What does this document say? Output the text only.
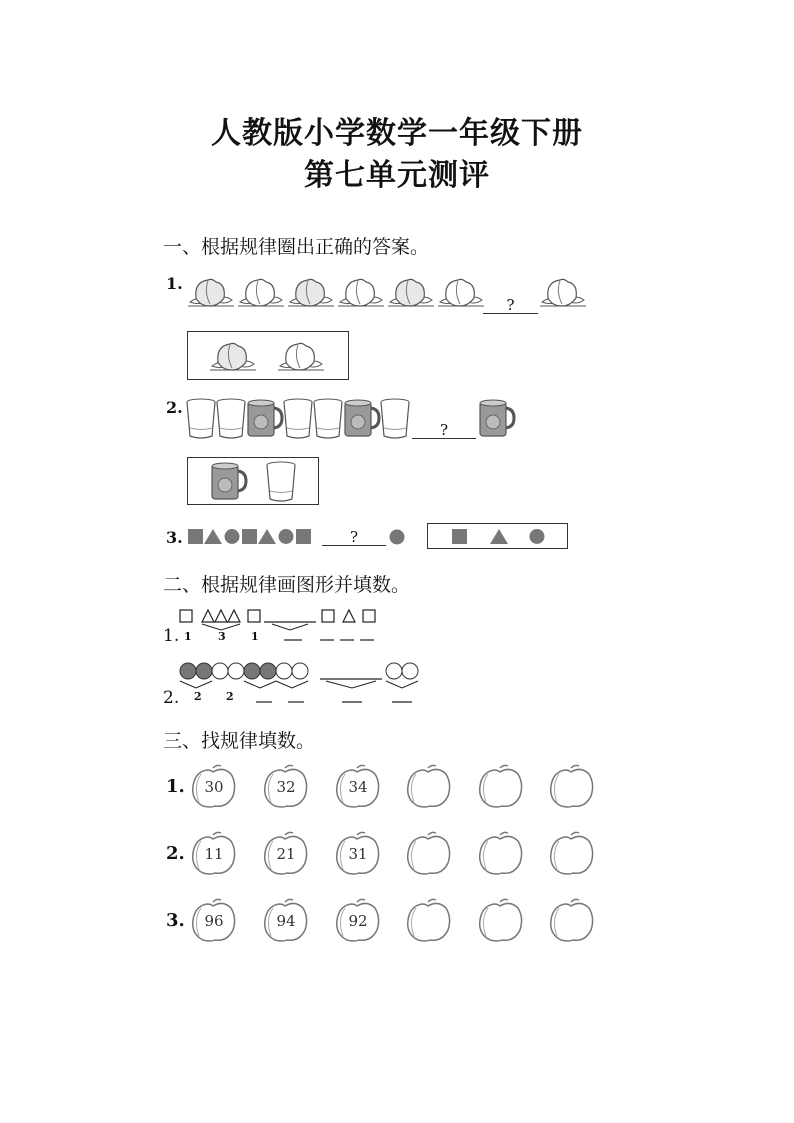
人教版小学数学一年级下册
第七单元测评
一、根据规律圈出正确的答案。
1.
?
2.
?
3.	?
二、根据规律画图形并填数。
1. 1 3 1
2. 2 2
三、找规律填数。
1. 30	32	34
2. 11	21	31
3. 96	94	92
